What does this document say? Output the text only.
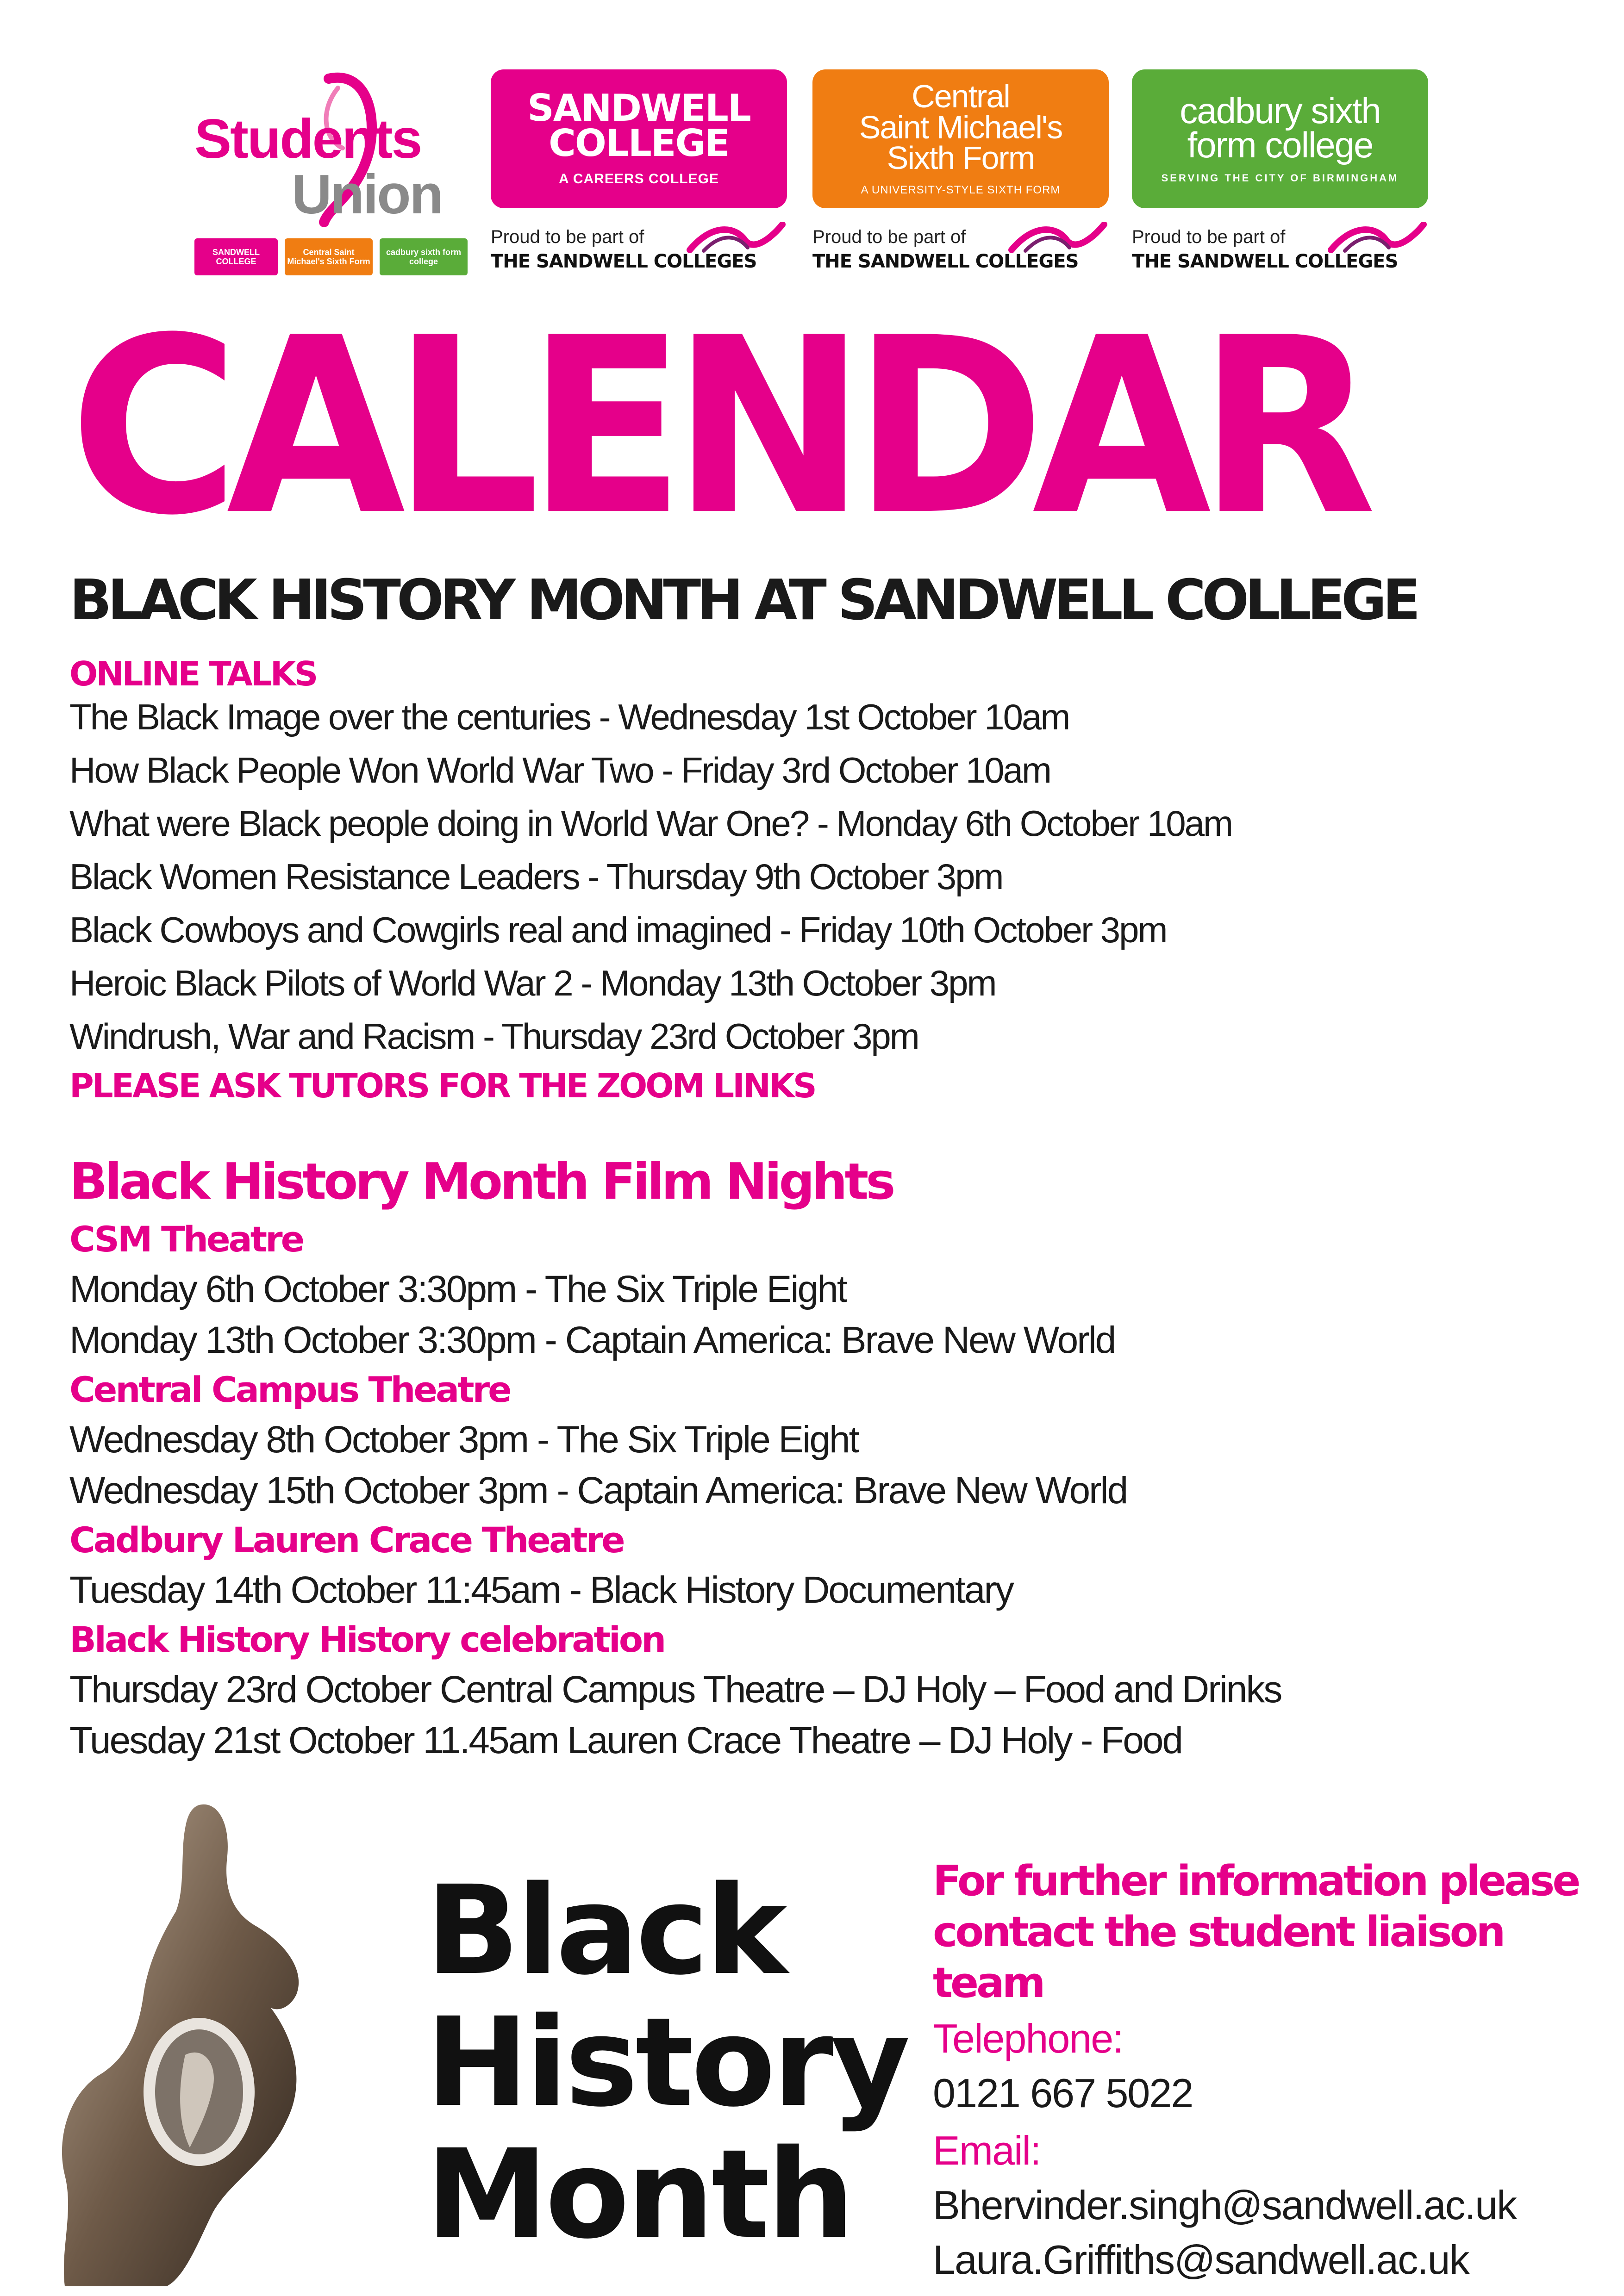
Students
Union
SANDWELL COLLEGE
Central Saint Michael's Sixth Form
cadbury sixth form college
SANDWELL
COLLEGE
A CAREERS COLLEGE
Central
Saint Michael's
Sixth Form
A UNIVERSITY-STYLE SIXTH FORM
cadbury sixth
form college
SERVING THE CITY OF BIRMINGHAM
Proud to be part of
THE SANDWELL COLLEGES
Proud to be part of
THE SANDWELL COLLEGES
Proud to be part of
THE SANDWELL COLLEGES
CALENDAR
BLACK HISTORY MONTH AT SANDWELL COLLEGE
ONLINE TALKS
The Black Image over the centuries - Wednesday 1st October 10am
How Black People Won World War Two - Friday 3rd October 10am
What were Black people doing in World War One? - Monday 6th October 10am
Black Women Resistance Leaders - Thursday 9th October 3pm
Black Cowboys and Cowgirls real and imagined - Friday 10th October 3pm
Heroic Black Pilots of World War 2 - Monday 13th October 3pm
Windrush, War and Racism - Thursday 23rd October 3pm
PLEASE ASK TUTORS FOR THE ZOOM LINKS
Black History Month Film Nights
CSM Theatre
Monday 6th October 3:30pm - The Six Triple Eight
Monday 13th October 3:30pm - Captain America: Brave New World
Central Campus Theatre
Wednesday 8th October 3pm - The Six Triple Eight
Wednesday 15th October 3pm - Captain America: Brave New World
Cadbury Lauren Crace Theatre
Tuesday 14th October 11:45am - Black History Documentary
Black History History celebration
Thursday 23rd October Central Campus Theatre – DJ Holy – Food and Drinks
Tuesday 21st October 11.45am Lauren Crace Theatre – DJ Holy - Food
Black
History
Month
For further information please contact the student liaison team
Telephone:
0121 667 5022
Email:
Bhervinder.singh@sandwell.ac.uk
Laura.Griffiths@sandwell.ac.uk
